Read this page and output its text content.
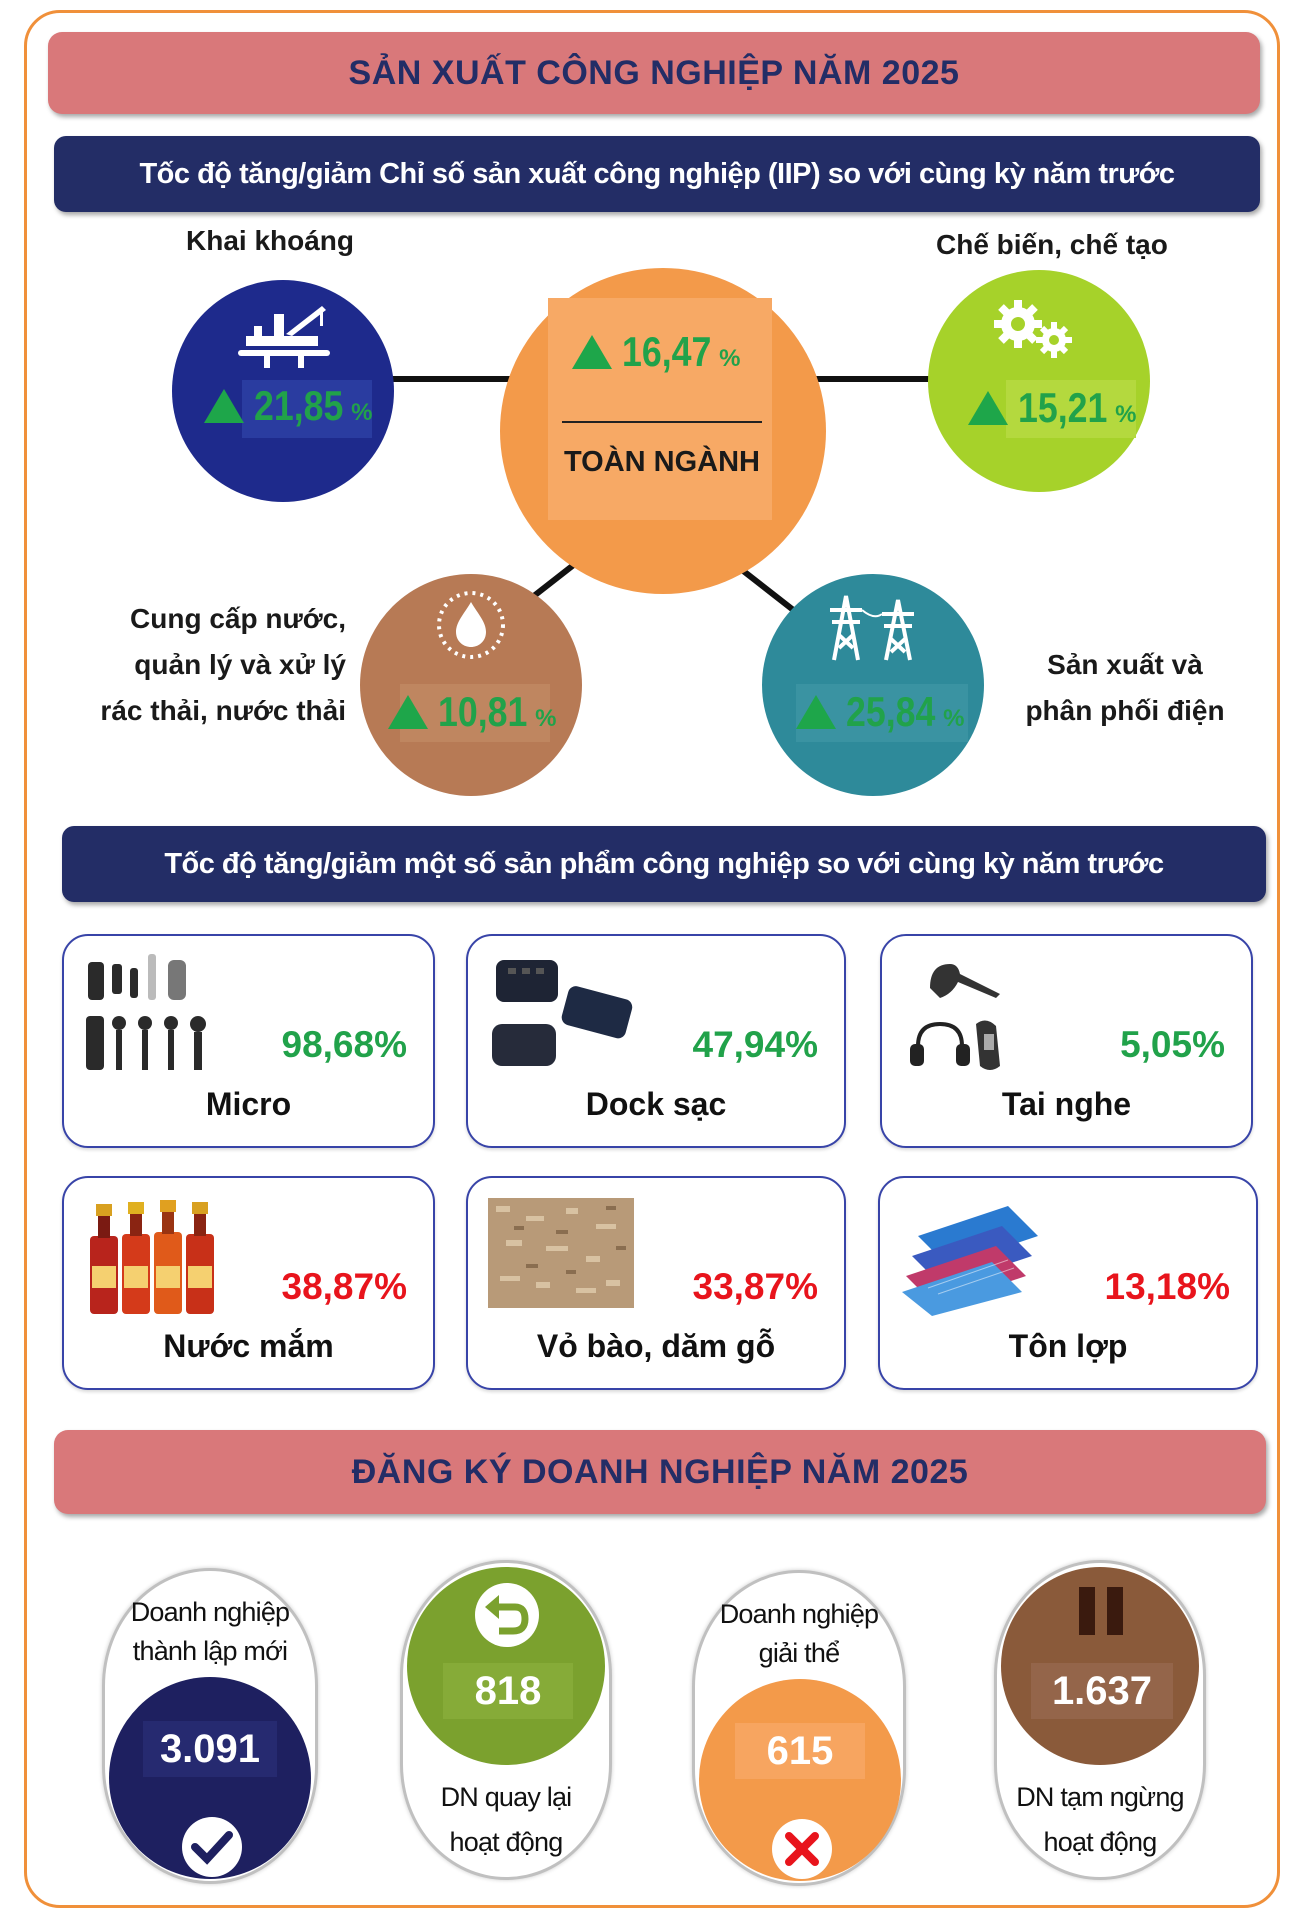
SẢN XUẤT CÔNG NGHIỆP NĂM 2025
Tốc độ tăng/giảm Chỉ số sản xuất công nghiệp (IIP) so với cùng kỳ năm trước
16,47 %
TOÀN NGÀNH
Khai khoáng
21,85 %
Chế biến, chế tạo
15,21 %
Cung cấp nước,
quản lý và xử lý
rác thải, nước thải 10,81 %	25,84 %
Sản xuất và
phân phối điện
Tốc độ tăng/giảm một số sản phẩm công nghiệp so với cùng kỳ năm trước
98,68%
Micro
47,94%
Dock sạc
5,05%
Tai nghe
38,87%
Nước mắm
33,87%
Vỏ bào, dăm gỗ
13,18%
Tôn lợp
ĐĂNG KÝ DOANH NGHIỆP NĂM 2025
Doanh nghiệp
thành lập mới
3.091
818
DN quay lại
hoạt động
Doanh nghiệp
giải thể
615
1.637
DN tạm ngừng
hoạt động
